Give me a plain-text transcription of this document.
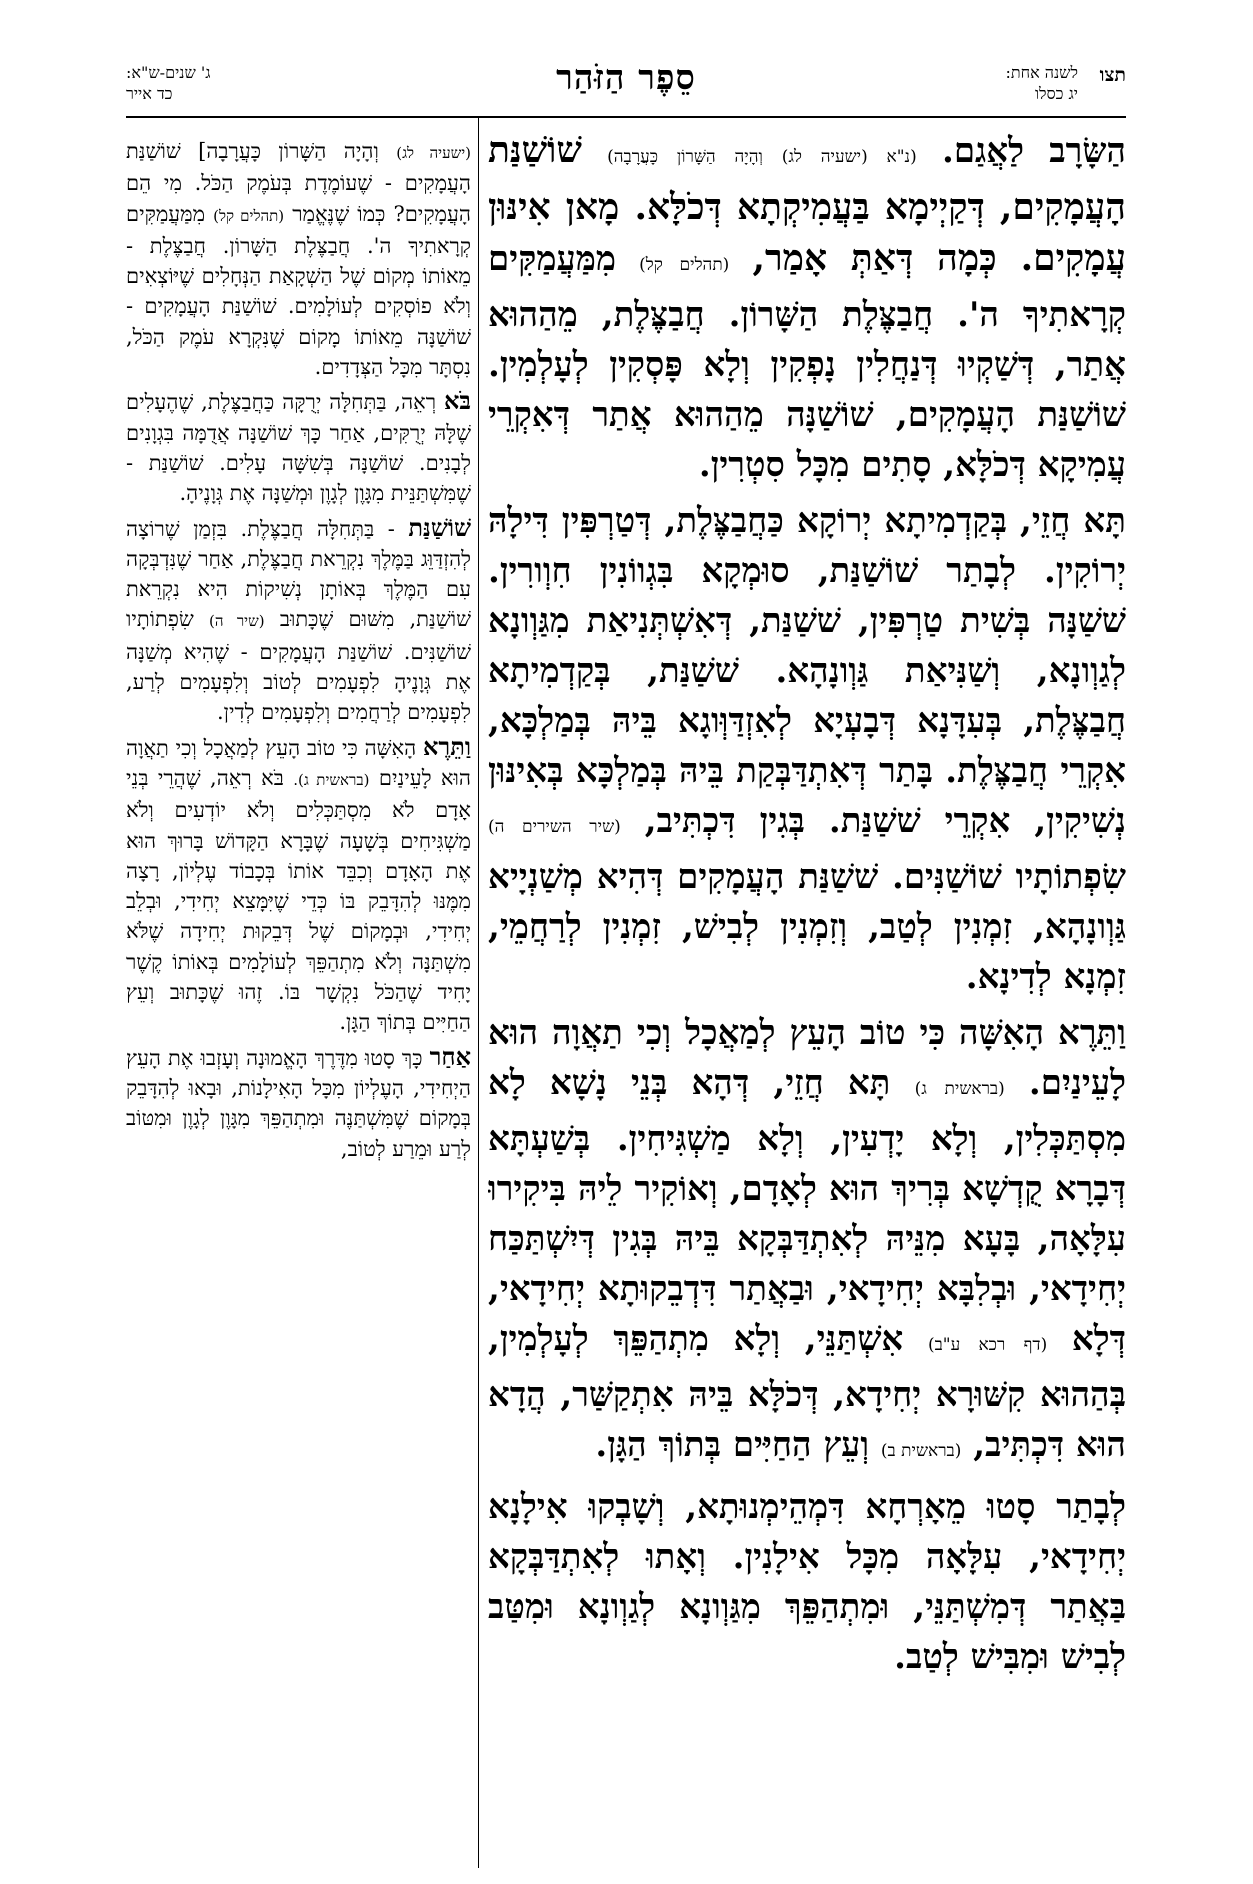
תצו
לשנה אחת:
יג כסלו
סֵפֶר הַזֹּהַר
ג' שנים-ש"א:
כד אייר

הַשָּׂרָב לַאֲגַם. (נ"א (ישעיה לג) וְהָיָה הַשָּׁרוֹן כָּעֲרָבָה) שׁוֹשַׁנַּת הָעֲמָקִים, דְּקַיְימָא בַּעֲמִיקְתָא דְּכֹלָּא. מָאן אִינּוּן עֲמָקִים. כְּמָה דְּאַתְּ אָמַר, (תהלים קל) מִמַּעֲמַקִּים קְרָאתִיךָ ה'. חֲבַצֶּלֶת הַשָּׁרוֹן. חֲבַצֶּלֶת, מֵהַהוּא אֲתַר, דְּשַׁקְיוּ דְּנַחֲלִין נָפְקִין וְלָא פָּסְקִין לְעָלְמִין. שׁוֹשַׁנַּת הָעֲמָקִים, שׁוֹשַׁנָּה מֵהַהוּא אֲתַר דְּאִקְרֵי עֲמִיקָא דְּכֹלָּא, סָתִים מִכָּל סִטְרִין.

תָּא חֲזֵי, בְּקַדְמִיתָא יְרוֹקָא כַּחֲבַצֶּלֶת, דְּטַרְפִּין דִּילָהּ יְרוֹקִין. לְבָתַר שׁוֹשַׁנַּת, סוּמְקָא בִּגְווֹנִין חִוְורִין. שׁשַׁנָּה בְּשִׁית טַרְפִּין, שׁשַׁנַּת, דְּאִשְׁתְּנִיאַת מִגַּוְונָא לְגַוְונָא, וְשַׁנִּיאַת גַּוְונָהָא. שׁשַׁנַּת, בְּקַדְמִיתָא חֲבַצֶּלֶת, בְּעִדָּנָא דְּבָעְיָא לְאִזְדַּוְּוגָא בֵּיהּ בְּמַלְכָּא, אִקְרֵי חֲבַצֶּלֶת. בָּתַר דְּאִתְדַּבְּקַת בֵּיהּ בְּמַלְכָּא בְּאִינּוּן נְשִׁיקִין, אִקְרֵי שׁשַׁנַּת. בְּגִין דִּכְתִּיב, (שיר השירים ה) שִׂפְתוֹתָיו שׁוֹשַׁנִּים. שׁשַׁנַּת הָעֲמָקִים דְּהִיא מְשַׁנְיָיא גַּוְונָהָא, זִמְנִין לְטַב, וְזִמְנִין לְבִישׁ, זִמְנִין לְרַחֲמֵי, זִמְנָא לְדִינָא.

וַתֵּרֶא הָאִשָּׁה כִּי טוֹב הָעֵץ לְמַאֲכָל וְכִי תַאֲוָה הוּא לָעֵינַיִם. (בראשית ג) תָּא חֲזֵי, דְּהָא בְּנֵי נָשָׁא לָא מִסְתַּכְּלִין, וְלָא יָדְעִין, וְלָא מַשְׁגִּיחִין. בְּשַׁעְתָּא דְּבָרָא קֻדְשָׁא בְּרִיךְ הוּא לְאָדָם, וְאוֹקִיר לֵיהּ בִּיקִירוּ עִלָּאָה, בָּעָא מִנֵּיהּ לְאִתְדַּבְּקָא בֵּיהּ בְּגִין דְּיִשְׁתַּכַּח יְחִידָאי, וּבְלִבָּא יְחִידָאי, וּבַאֲתַר דִּדְבֵקוּתָא יְחִידָאי, דְּלָא (דף רכא ע"ב) אִשְׁתַּנֵּי, וְלָא מִתְהַפֵּךְ לְעָלְמִין, בְּהַהוּא קִשּׁוּרָא יְחִידָא, דְּכֹלָּא בֵּיהּ אִתְקַשַּׁר, הֲדָא הוּא דִּכְתִּיב, (בראשית ב) וְעֵץ הַחַיִּים בְּתוֹךְ הַגָּן.

לְבָתַר סָטוּ מֵאָרְחָא דִּמְהֵימְנוּתָא, וְשָׁבְקוּ אִילָנָא יְחִידָאי, עִלָּאָה מִכָּל אִילָנִין. וְאָתוּ לְאִתְדַּבְּקָא בַּאֲתַר דְּמִשְׁתַּנֵּי, וּמִתְהַפֵּךְ מִגַּוְונָא לְגַוְונָא וּמִטַּב לְבִישׁ וּמִבִּישׁ לְטַב.

(ישעיה לג) וְהָיָה הַשָּׁרוֹן כָּעֲרָבָה] שׁוֹשַׁנַּת הָעֲמָקִים - שֶׁעוֹמֶדֶת בְּעֹמֶק הַכֹּל. מִי הֵם הָעֲמָקִים? כְּמוֹ שֶׁנֶּאֱמַר (תהלים קל) מִמַּעֲמַקִּים קְרָאתִיךָ ה'. חֲבַצֶּלֶת הַשָּׁרוֹן. חֲבַצֶּלֶת - מֵאוֹתוֹ מְקוֹם שֶׁל הַשְׁקָאַת הַנְּחָלִים שֶׁיּוֹצְאִים וְלֹא פוֹסְקִים לְעוֹלָמִים. שׁוֹשַׁנַּת הָעֲמָקִים - שׁוֹשַׁנָּה מֵאוֹתוֹ מָקוֹם שֶׁנִּקְרָא עֹמֶק הַכֹּל, נִסְתָּר מִכָּל הַצְּדָדִים.

בֹּא רְאֵה, בַּתְּחִלָּה יְרֻקָּה כַּחֲבַצֶּלֶת, שֶׁהֶעָלִים שֶׁלָּהּ יְרֻקִּים, אַחַר כָּךְ שׁוֹשַׁנָּה אֲדֻמָּה בִּגְוָנִים לְבָנִים. שׁוֹשַׁנָּה בְּשִׁשָּׁה עָלִים. שׁוֹשַׁנַּת - שֶׁמִּשְׁתַּנֵּית מִגָּוֶן לְגָוֶן וּמְשַׁנָּה אֶת גְּוָנֶיהָ.

שׁוֹשַׁנַּת - בַּתְּחִלָּה חֲבַצֶּלֶת. בִּזְמַן שֶׁרוֹצָה לְהִזְדַּוֵּג בַּמֶּלֶךְ נִקְרֵאת חֲבַצֶּלֶת, אַחַר שֶׁנִּדְבְּקָה עִם הַמֶּלֶךְ בְּאוֹתָן נְשִׁיקוֹת הִיא נִקְרֵאת שׁוֹשַׁנַּת, מִשּׁוּם שֶׁכָּתוּב (שיר ה) שִׂפְתוֹתָיו שׁוֹשַׁנִּים. שׁוֹשַׁנַּת הָעֲמָקִים - שֶׁהִיא מְשַׁנָּה אֶת גְּוָנֶיהָ לִפְעָמִים לְטוֹב וְלִפְעָמִים לְרַע, לִפְעָמִים לְרַחֲמִים וְלִפְעָמִים לְדִין.

וַתֵּרֶא הָאִשָּׁה כִּי טוֹב הָעֵץ לְמַאֲכָל וְכִי תַאֲוָה הוּא לָעֵינַיִם (בראשית ג). בֹּא רְאֵה, שֶׁהֲרֵי בְּנֵי אָדָם לֹא מִסְתַּכְּלִים וְלֹא יוֹדְעִים וְלֹא מַשְׁגִּיחִים בְּשָׁעָה שֶׁבָּרָא הַקָּדוֹשׁ בָּרוּךְ הוּא אֶת הָאָדָם וְכִבֵּד אוֹתוֹ בְּכָבוֹד עֶלְיוֹן, רָצָה מִמֶּנּוּ לְהִדָּבֵק בּוֹ כְּדֵי שֶׁיִּמָּצֵא יְחִידִי, וּבְלֵב יְחִידִי, וּבְמָקוֹם שֶׁל דְּבֵקוּת יְחִידָה שֶׁלֹּא מִשְׁתַּנָּה וְלֹא מִתְהַפֵּךְ לְעוֹלָמִים בְּאוֹתוֹ קֶשֶׁר יָחִיד שֶׁהַכֹּל נִקְשָׁר בּוֹ. זֶהוּ שֶׁכָּתוּב וְעֵץ הַחַיִּים בְּתוֹךְ הַגָּן.

אַחַר כָּךְ סָטוּ מִדֶּרֶךְ הָאֱמוּנָה וְעָזְבוּ אֶת הָעֵץ הַיְחִידִי, הָעֶלְיוֹן מִכָּל הָאִילָנוֹת, וּבָאוּ לְהִדָּבֵק בְּמָקוֹם שֶׁמִּשְׁתַּנֶּה וּמִתְהַפֵּךְ מִגָּוֶן לְגָוֶן וּמִטּוֹב לְרַע וּמֵרַע לְטוֹב,
